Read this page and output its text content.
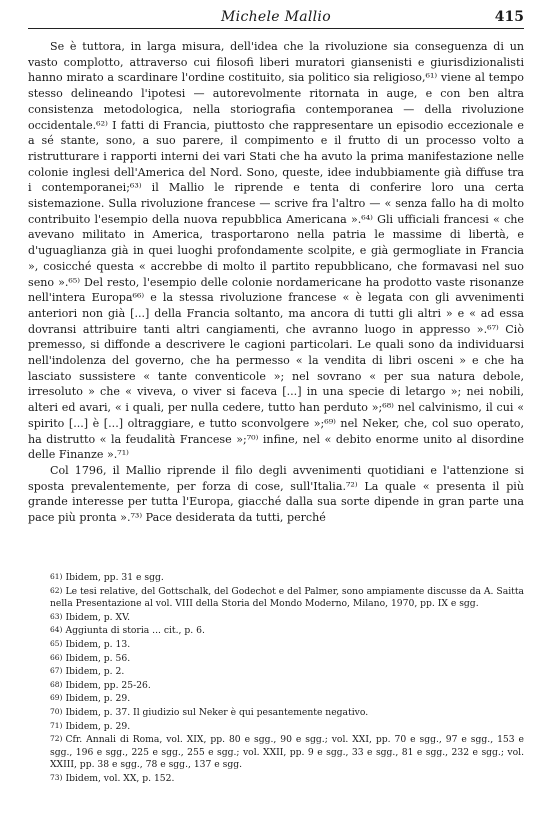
Michele Mallio	415

Se è tuttora, in larga misura, dell'idea che la rivoluzione sia conseguenza di un vasto complotto, attraverso cui filosofi liberi muratori giansenisti e giurisdizionalisti hanno mirato a scardinare l'ordine costituito, sia politico sia religioso,⁶¹⁾ viene al tempo stesso delineando l'ipotesi — autorevolmente ritornata in auge, e con ben altra consistenza metodologica, nella storiografia contemporanea — della rivoluzione occidentale.⁶²⁾ I fatti di Francia, piuttosto che rappresentare un episodio eccezionale e a sé stante, sono, a suo parere, il compimento e il frutto di un processo volto a ristrutturare i rapporti interni dei vari Stati che ha avuto la prima manifestazione nelle colonie inglesi dell'America del Nord. Sono, queste, idee indubbiamente già diffuse tra i contemporanei;⁶³⁾ il Mallio le riprende e tenta di conferire loro una certa sistemazione. Sulla rivoluzione francese — scrive fra l'altro — « senza fallo ha di molto contribuito l'esempio della nuova repubblica Americana ».⁶⁴⁾ Gli ufficiali francesi « che avevano militato in America, trasportarono nella patria le massime di libertà, e d'uguaglianza già in quei luoghi profondamente scolpite, e già germogliate in Francia », cosicché questa « accrebbe di molto il partito repubblicano, che formavasi nel suo seno ».⁶⁵⁾ Del resto, l'esempio delle colonie nordamericane ha prodotto vaste risonanze nell'intera Europa⁶⁶⁾ e la stessa rivoluzione francese « è legata con gli avvenimenti anteriori non già [...] della Francia soltanto, ma ancora di tutti gli altri » e « ad essa dovransi attribuire tanti altri cangiamenti, che avranno luogo in appresso ».⁶⁷⁾ Ciò premesso, si diffonde a descrivere le cagioni particolari. Le quali sono da individuarsi nell'indolenza del governo, che ha permesso « la vendita di libri osceni » e che ha lasciato sussistere « tante conventicole »; nel sovrano « per sua natura debole, irresoluto » che « viveva, o viver si faceva [...] in una specie di letargo »; nei nobili, alteri ed avari, « i quali, per nulla cedere, tutto han perduto »;⁶⁸⁾ nel calvinismo, il cui « spirito [...] è [...] oltraggiare, e tutto sconvolgere »;⁶⁹⁾ nel Neker, che, col suo operato, ha distrutto « la feudalità Francese »;⁷⁰⁾ infine, nel « debito enorme unito al disordine delle Finanze ».⁷¹⁾

Col 1796, il Mallio riprende il filo degli avvenimenti quotidiani e l'attenzione si sposta prevalentemente, per forza di cose, sull'Italia.⁷²⁾ La quale « presenta il più grande interesse per tutta l'Europa, giacché dalla sua sorte dipende in gran parte una pace più pronta ».⁷³⁾ Pace desiderata da tutti, perché

61) Ibidem, pp. 31 e sgg.

62) Le tesi relative, del Gottschalk, del Godechot e del Palmer, sono ampiamente discusse da A. Saitta nella Presentazione al vol. VIII della Storia del Mondo Moderno, Milano, 1970, pp. IX e sgg.

63) Ibidem, p. XV.

64) Aggiunta di storia ... cit., p. 6.

65) Ibidem, p. 13.

66) Ibidem, p. 56.

67) Ibidem, p. 2.

68) Ibidem, pp. 25-26.

69) Ibidem, p. 29.

70) Ibidem, p. 37. Il giudizio sul Neker è qui pesantemente negativo.

71) Ibidem, p. 29.

72) Cfr. Annali di Roma, vol. XIX, pp. 80 e sgg., 90 e sgg.; vol. XXI, pp. 70 e sgg., 97 e sgg., 153 e sgg., 196 e sgg., 225 e sgg., 255 e sgg.; vol. XXII, pp. 9 e sgg., 33 e sgg., 81 e sgg., 232 e sgg.; vol. XXIII, pp. 38 e sgg., 78 e sgg., 137 e sgg.

73) Ibidem, vol. XX, p. 152.
